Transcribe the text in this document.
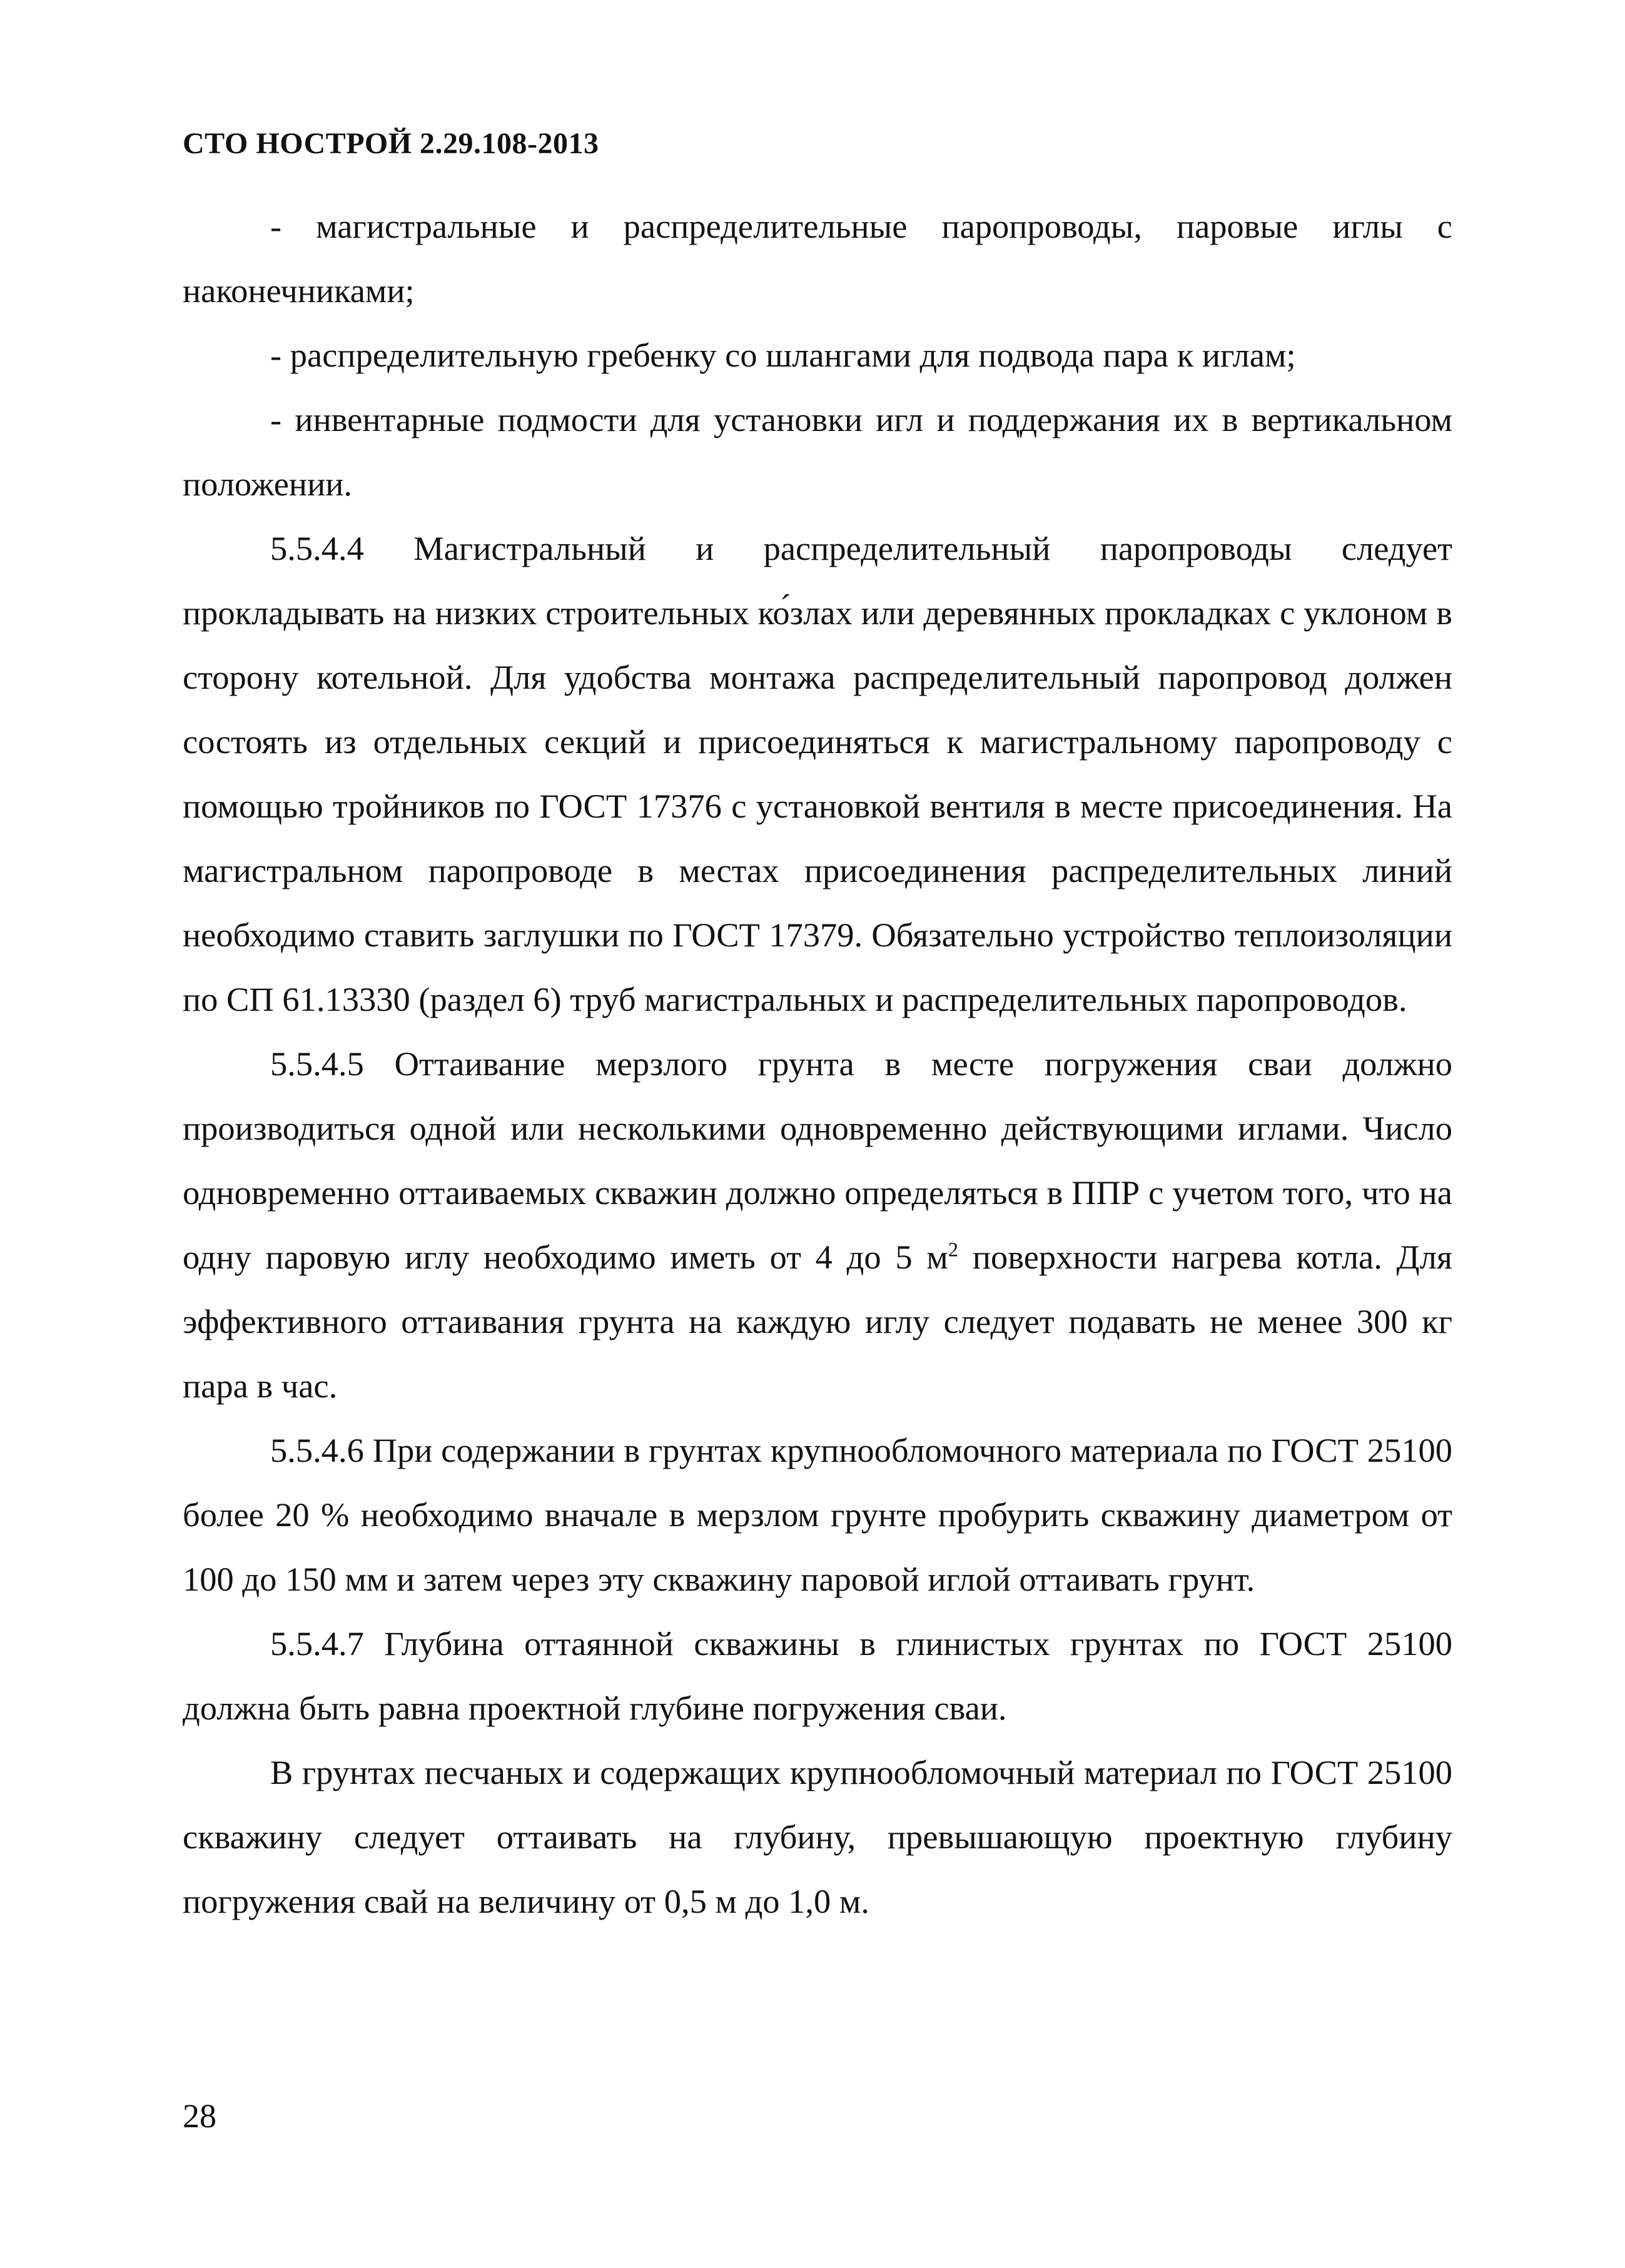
СТО НОСТРОЙ 2.29.108-2013

- магистральные и распределительные паропроводы, паровые иглы с наконечниками;

- распределительную гребенку со шлангами для подвода пара к иглам;

- инвентарные подмости для установки игл и поддержания их в вертикальном положении.

5.5.4.4 Магистральный и распределительный паропроводы следует прокладывать на низких строительных ко́злах или деревянных прокладках с уклоном в сторону котельной. Для удобства монтажа распределительный паропровод должен состоять из отдельных секций и присоединяться к магистральному паропроводу с помощью тройников по ГОСТ 17376 с установкой вентиля в месте присоединения. На магистральном паропроводе в местах присоединения распределительных линий необходимо ставить заглушки по ГОСТ 17379. Обязательно устройство теплоизоляции по СП 61.13330 (раздел 6) труб магистральных и распределительных паропроводов.

5.5.4.5 Оттаивание мерзлого грунта в месте погружения сваи должно производиться одной или несколькими одновременно действующими иглами. Число одновременно оттаиваемых скважин должно определяться в ППР с учетом того, что на одну паровую иглу необходимо иметь от 4 до 5 $м^2$ поверхности нагрева котла. Для эффективного оттаивания грунта на каждую иглу следует подавать не менее 300 кг пара в час.

5.5.4.6 При содержании в грунтах крупнообломочного материала по ГОСТ 25100 более 20 % необходимо вначале в мерзлом грунте пробурить скважину диаметром от 100 до 150 мм и затем через эту скважину паровой иглой оттаивать грунт.

5.5.4.7 Глубина оттаянной скважины в глинистых грунтах по ГОСТ 25100 должна быть равна проектной глубине погружения сваи.

В грунтах песчаных и содержащих крупнообломочный материал по ГОСТ 25100 скважину следует оттаивать на глубину, превышающую проектную глубину погружения свай на величину от 0,5 м до 1,0 м.

28
